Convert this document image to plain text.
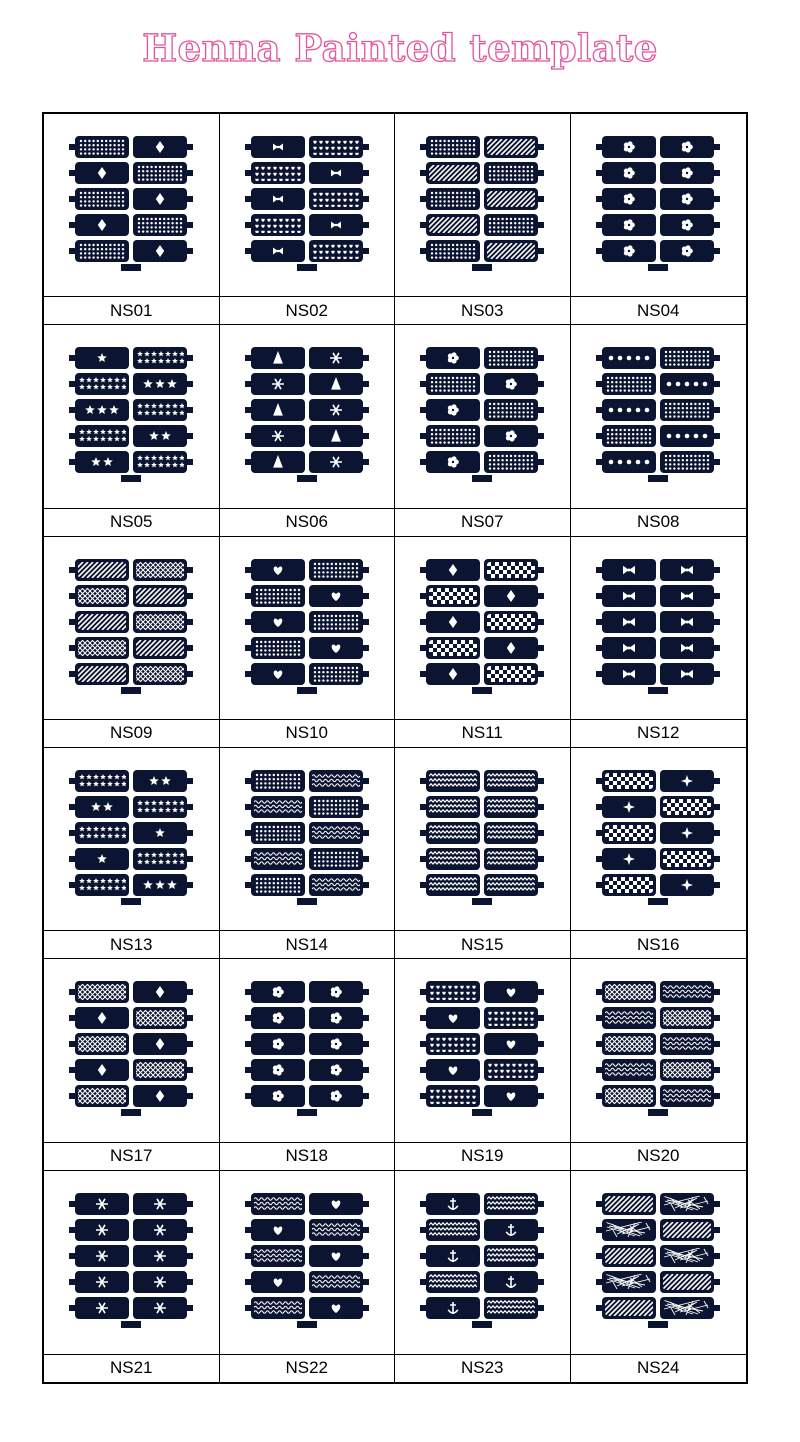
Henna Painted template
NS01	NS02	NS03	NS04
NS05	NS06	NS07	NS08
NS09	NS10	NS11	NS12
NS13	NS14	NS15	NS16
NS17	NS18	NS19	NS20
NS21	NS22	NS23	NS24
